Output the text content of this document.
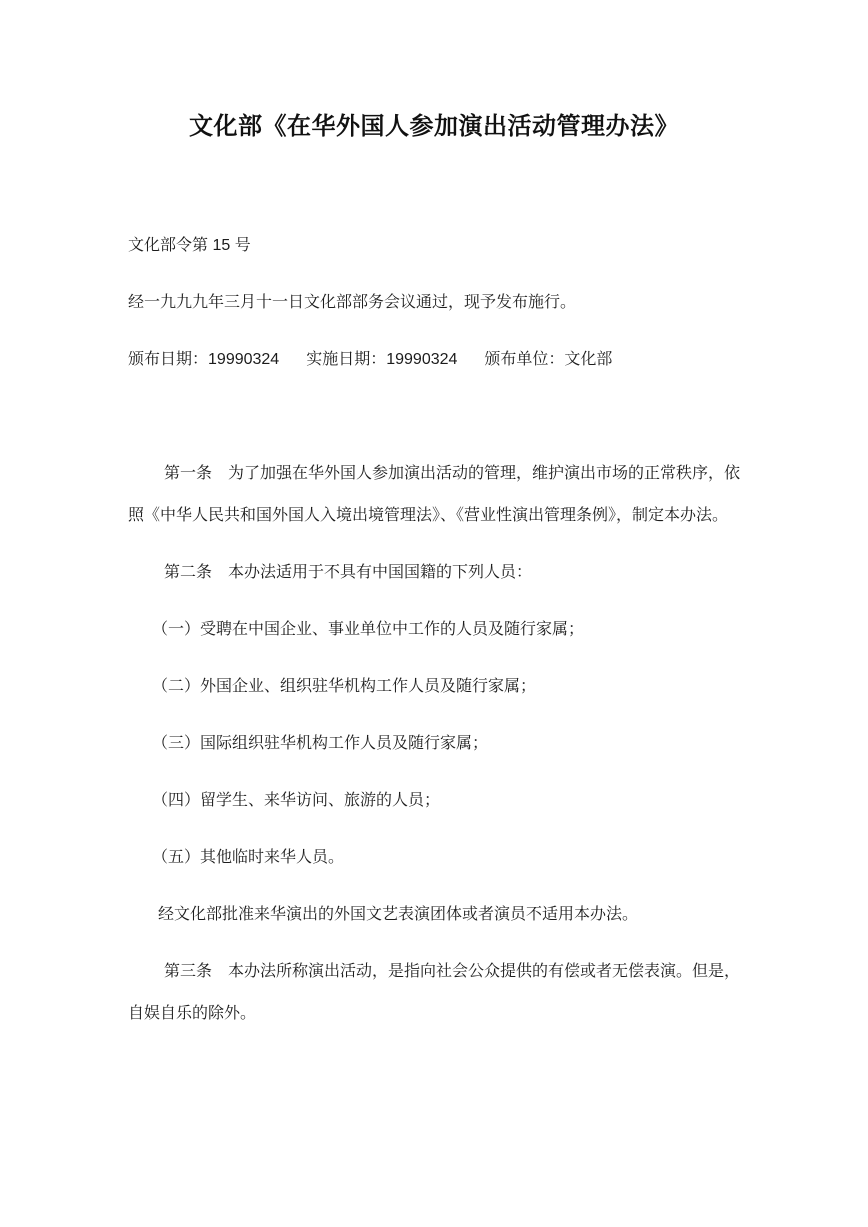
文化部《在华外国人参加演出活动管理办法》

文化部令第 15 号

经一九九九年三月十一日文化部部务会议通过，现予发布施行。

颁布日期：19990324 实施日期：19990324 颁布单位：文化部

第一条　为了加强在华外国人参加演出活动的管理，维护演出市场的正常秩序，依照《中华人民共和国外国人入境出境管理法》、《营业性演出管理条例》，制定本办法。

第二条　本办法适用于不具有中国国籍的下列人员：

（一）受聘在中国企业、事业单位中工作的人员及随行家属；

（二）外国企业、组织驻华机构工作人员及随行家属；

（三）国际组织驻华机构工作人员及随行家属；

（四）留学生、来华访问、旅游的人员；

（五）其他临时来华人员。

经文化部批准来华演出的外国文艺表演团体或者演员不适用本办法。

第三条　本办法所称演出活动，是指向社会公众提供的有偿或者无偿表演。但是，自娱自乐的除外。
